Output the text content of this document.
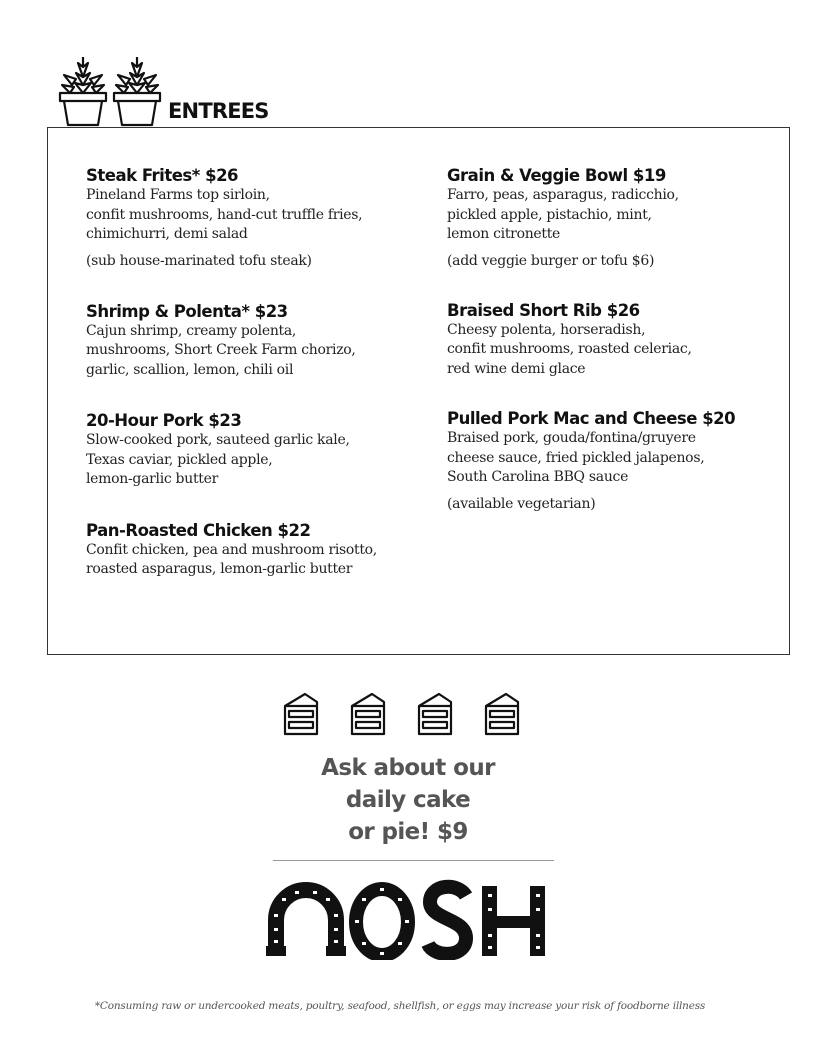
Steak Frites* $26
Pineland Farms top sirloin,
confit mushrooms, hand-cut truffle fries,
chimichurri, demi salad
(sub house-marinated tofu steak)
Shrimp & Polenta* $23
Cajun shrimp, creamy polenta,
mushrooms, Short Creek Farm chorizo,
garlic, scallion, lemon, chili oil
20-Hour Pork $23
Slow-cooked pork, sauteed garlic kale,
Texas caviar, pickled apple,
lemon-garlic butter
Pan-Roasted Chicken $22
Confit chicken, pea and mushroom risotto,
roasted asparagus, lemon-garlic butter
Grain & Veggie Bowl $19
Farro, peas, asparagus, radicchio,
pickled apple, pistachio, mint,
lemon citronette
(add veggie burger or tofu $6)
Braised Short Rib $26
Cheesy polenta, horseradish,
confit mushrooms, roasted celeriac,
red wine demi glace
Pulled Pork Mac and Cheese $20
Braised pork, gouda/fontina/gruyere
cheese sauce, fried pickled jalapenos,
South Carolina BBQ sauce
(available vegetarian)
ENTREES
Ask about our
daily cake
or pie! $9
*Consuming raw or undercooked meats, poultry, seafood, shellfish, or eggs may increase your risk of foodborne illness
